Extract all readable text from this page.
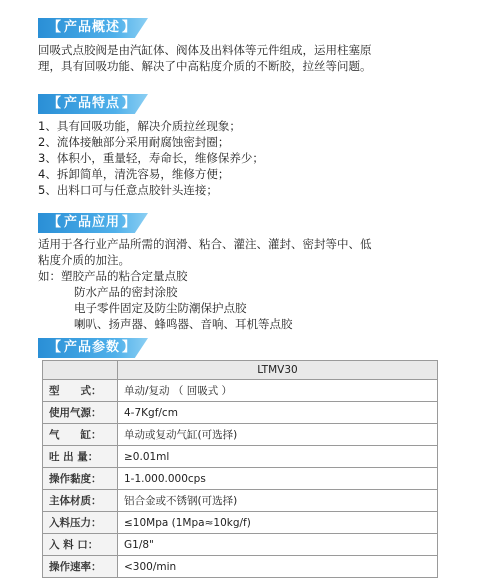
【 产品概述 】
回吸式点胶阀是由汽缸体、阀体及出料体等元件组成，运用柱塞原
理，具有回吸功能、解决了中高粘度介质的不断胶，拉丝等问题。
【 产品特点 】
1、具有回吸功能，解决介质拉丝现象；
2、流体接触部分采用耐腐蚀密封圈；
3、体积小，重量轻，寿命长，维修保养少；
4、拆卸简单，清洗容易，维修方便；
5、出料口可与任意点胶针头连接；
【 产品应用 】
适用于各行业产品所需的润滑、粘合、灌注、灌封、密封等中、低
粘度介质的加注。
如：塑胶产品的粘合定量点胶
防水产品的密封涂胶
电子零件固定及防尘防潮保护点胶
喇叭、扬声器、蜂鸣器、音响、耳机等点胶
【 产品参数 】
	LTMV30
型　　式：	单动/复动 （ 回吸式 ）
使用气源：	4-7Kgf/cm
气　　缸：	单动或复动气缸(可选择)
吐 出 量：	≥0.01ml
操作黏度：	1-1.000.000cps
主体材质：	铝合金或不锈钢(可选择)
入料压力：	≤10Mpa (1Mpa≈10kg/f)
入 料 口：	G1/8"
操作速率：	<300/min
